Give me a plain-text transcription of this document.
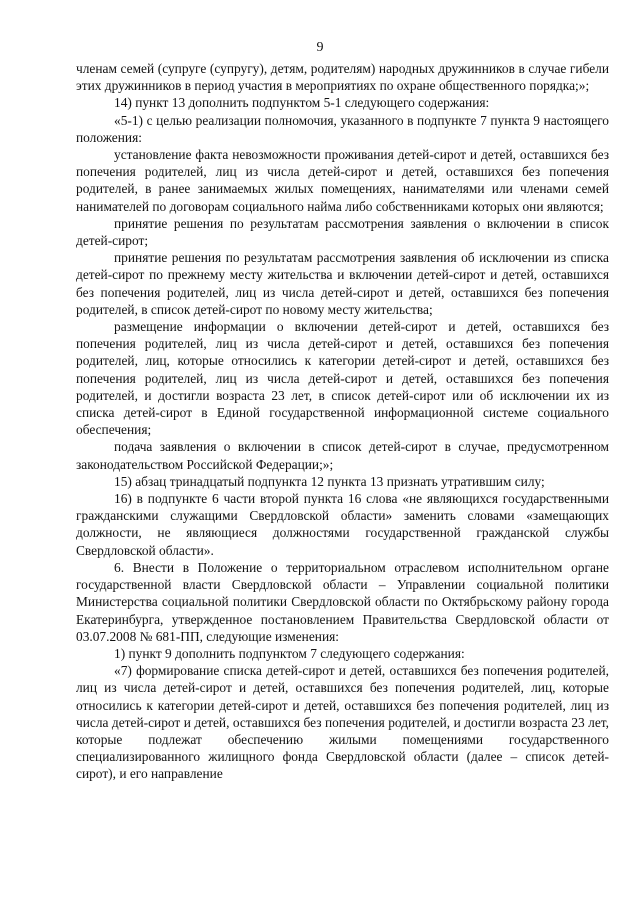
9

членам семей (супруге (супругу), детям, родителям) народных дружинников в случае гибели этих дружинников в период участия в мероприятиях по охране общественного порядка;»;

14) пункт 13 дополнить подпунктом 5-1 следующего содержания:

«5-1) с целью реализации полномочия, указанного в подпункте 7 пункта 9 настоящего положения:

установление факта невозможности проживания детей-сирот и детей, оставшихся без попечения родителей, лиц из числа детей-сирот и детей, оставшихся без попечения родителей, в ранее занимаемых жилых помещениях, нанимателями или членами семей нанимателей по договорам социального найма либо собственниками которых они являются;

принятие решения по результатам рассмотрения заявления о включении в список детей-сирот;

принятие решения по результатам рассмотрения заявления об исключении из списка детей-сирот по прежнему месту жительства и включении детей-сирот и детей, оставшихся без попечения родителей, лиц из числа детей-сирот и детей, оставшихся без попечения родителей, в список детей-сирот по новому месту жительства;

размещение информации о включении детей-сирот и детей, оставшихся без попечения родителей, лиц из числа детей-сирот и детей, оставшихся без попечения родителей, лиц, которые относились к категории детей-сирот и детей, оставшихся без попечения родителей, лиц из числа детей-сирот и детей, оставшихся без попечения родителей, и достигли возраста 23 лет, в список детей-сирот или об исключении их из списка детей-сирот в Единой государственной информационной системе социального обеспечения;

подача заявления о включении в список детей-сирот в случае, предусмотренном законодательством Российской Федерации;»;

15) абзац тринадцатый подпункта 12 пункта 13 признать утратившим силу;

16) в подпункте 6 части второй пункта 16 слова «не являющихся государственными гражданскими служащими Свердловской области» заменить словами «замещающих должности, не являющиеся должностями государственной гражданской службы Свердловской области».

6. Внести в Положение о территориальном отраслевом исполнительном органе государственной власти Свердловской области – Управлении социальной политики Министерства социальной политики Свердловской области по Октябрьскому району города Екатеринбурга, утвержденное постановлением Правительства Свердловской области от 03.07.2008 № 681-ПП, следующие изменения:

1) пункт 9 дополнить подпунктом 7 следующего содержания:

«7) формирование списка детей-сирот и детей, оставшихся без попечения родителей, лиц из числа детей-сирот и детей, оставшихся без попечения родителей, лиц, которые относились к категории детей-сирот и детей, оставшихся без попечения родителей, лиц из числа детей-сирот и детей, оставшихся без попечения родителей, и достигли возраста 23 лет, которые подлежат обеспечению жилыми помещениями государственного специализированного жилищного фонда Свердловской области (далее – список детей-сирот), и его направление
